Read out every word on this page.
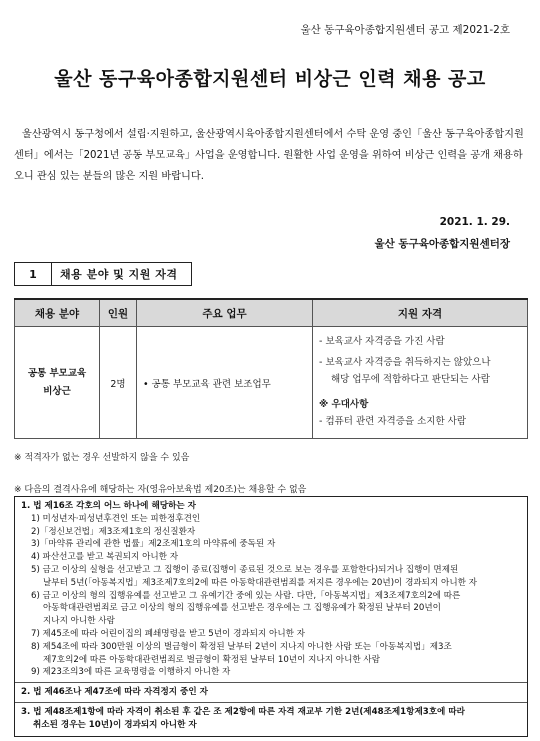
울산 동구육아종합지원센터 공고 제2021-2호
울산 동구육아종합지원센터 비상근 인력 채용 공고
울산광역시 동구청에서 설립·지원하고, 울산광역시육아종합지원센터에서 수탁 운영 중인「울산 동구육아종합지원센터」에서는「2021년 공동 부모교육」사업을 운영합니다. 원활한 사업 운영을 위하여 비상근 인력을 공개 채용하오니 관심 있는 분들의 많은 지원 바랍니다.
2021. 1. 29.
울산 동구육아종합지원센터장
1	채용 분야 및 지원 자격
채용 분야	인원	주요 업무	지원 자격

공통 부모교육
비상근	2명	• 공통 부모교육 관련 보조업무	- 보육교사 자격증을 가진 사람
- 보육교사 자격증을 취득하지는 않았으나
해당 업무에 적합하다고 판단되는 사람
※ 우대사항
- 컴퓨터 관련 자격증을 소지한 사람
※ 적격자가 없는 경우 선발하지 않을 수 있음
※ 다음의 결격사유에 해당하는 자(영유아보육법 제20조)는 채용할 수 없음
1. 법 제16조 각호의 어느 하나에 해당하는 자
1) 미성년자·피성년후견인 또는 피한정후견인
2)「정신보건법」제3조제1호의 정신질환자
3)「마약류 관리에 관한 법률」제2조제1호의 마약류에 중독된 자
4) 파산선고를 받고 복권되지 아니한 자
5) 금고 이상의 실형을 선고받고 그 집행이 종료(집행이 종료된 것으로 보는 경우를 포함한다)되거나 집행이 면제된
날부터 5년(「아동복지법」제3조제7호의2에 따른 아동학대관련범죄를 저지른 경우에는 20년)이 경과되지 아니한 자
6) 금고 이상의 형의 집행유예를 선고받고 그 유예기간 중에 있는 사람. 다만,「아동복지법」제3조제7호의2에 따른
아동학대관련범죄로 금고 이상의 형의 집행유예를 선고받은 경우에는 그 집행유예가 확정된 날부터 20년이
지나지 아니한 사람
7) 제45조에 따라 어린이집의 폐쇄명령을 받고 5년이 경과되지 아니한 자
8) 제54조에 따라 300만원 이상의 벌금형이 확정된 날부터 2년이 지나지 아니한 사람 또는「아동복지법」제3조
제7호의2에 따른 아동학대관련범죄로 벌금형이 확정된 날부터 10년이 지나지 아니한 사람
9) 제23조의3에 따른 교육명령을 이행하지 아니한 자
2. 법 제46조나 제47조에 따라 자격정지 중인 자
3. 법 제48조제1항에 따라 자격이 취소된 후 같은 조 제2항에 따른 자격 재교부 기한 2년(제48조제1항제3호에 따라
취소된 경우는 10년)이 경과되지 아니한 자
